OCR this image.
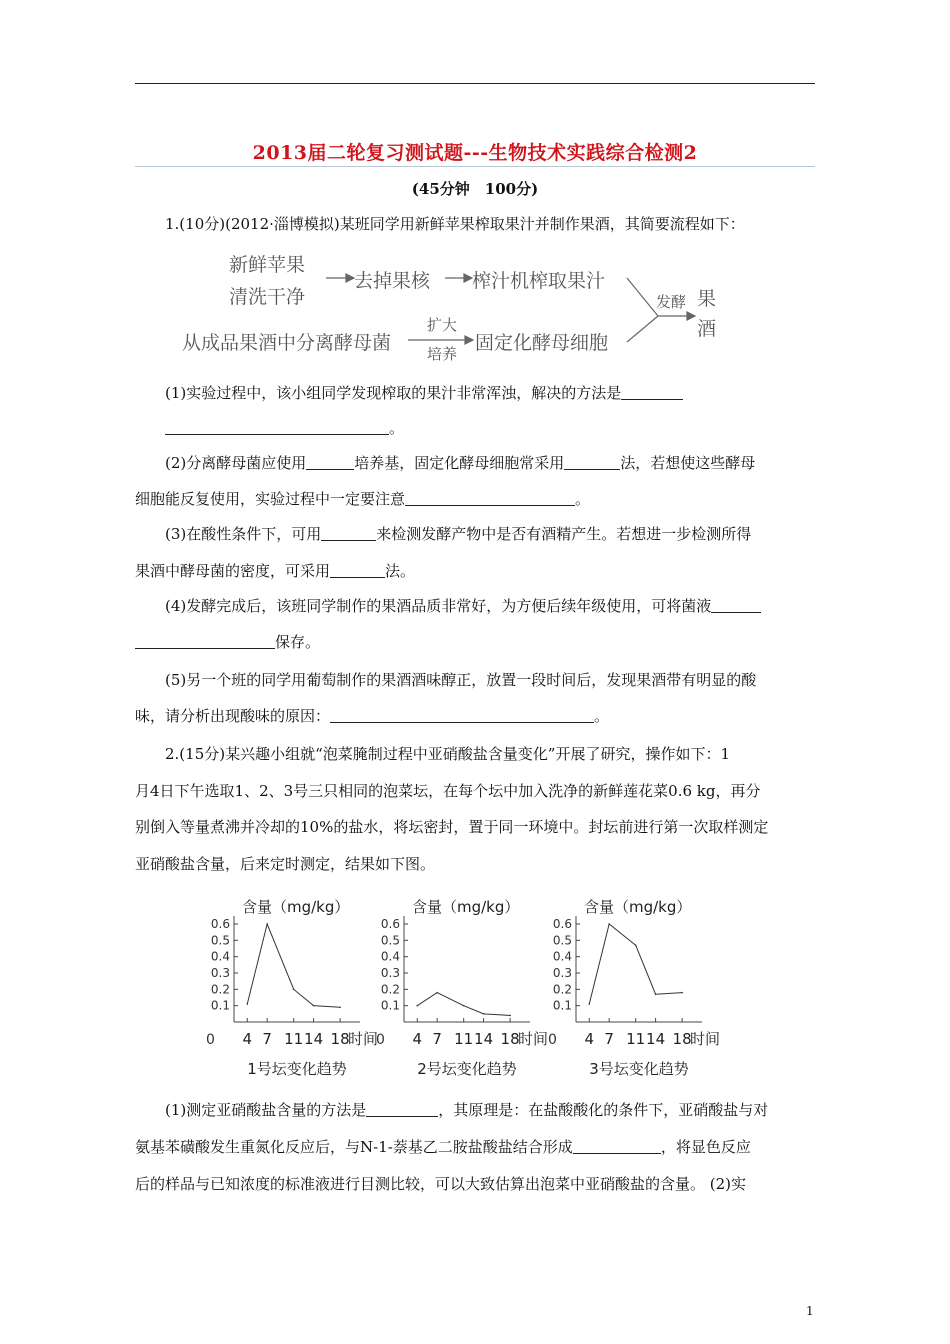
2013届二轮复习测试题---生物技术实践综合检测2
(45分钟　100分)
1.(10分)(2012·淄博模拟)某班同学用新鲜苹果榨取果汁并制作果酒，其简要流程如下：
新鲜苹果
清洗干净
去掉果核 榨汁机榨取果汁
从成品果酒中分离酵母菌
扩大
培养 固定化酵母细胞
发酵 果
酒
(1)实验过程中，该小组同学发现榨取的果汁非常浑浊，解决的方法是
。
(2)分离酵母菌应使用	培养基，固定化酵母细胞常采用	法，若想使这些酵母
细胞能反复使用，实验过程中一定要注意	。
(3)在酸性条件下，可用	来检测发酵产物中是否有酒精产生。若想进一步检测所得
果酒中酵母菌的密度，可采用	法。
(4)发酵完成后，该班同学制作的果酒品质非常好，为方便后续年级使用，可将菌液
保存。
(5)另一个班的同学用葡萄制作的果酒酒味醇正，放置一段时间后，发现果酒带有明显的酸
味，请分析出现酸味的原因：	。
2.(15分)某兴趣小组就“泡菜腌制过程中亚硝酸盐含量变化”开展了研究，操作如下：1
月4日下午选取1、2、3号三只相同的泡菜坛，在每个坛中加入洗净的新鲜莲花菜0.6 kg，再分
别倒入等量煮沸并冷却的10%的盐水，将坛密封，置于同一环境中。封坛前进行第一次取样测定
亚硝酸盐含量，后来定时测定，结果如下图。
含量（mg/kg）
0.1
0.2
0.3
0.4
0.5
0.6
0 4 7 11 14 18
时间
1号坛变化趋势
含量（mg/kg）
0.1
0.2
0.3
0.4
0.5
0.6
0 4 7 11 14 18
时间
2号坛变化趋势
含量（mg/kg）
0.1
0.2
0.3
0.4
0.5
0.6
0 4 7 11 14 18
时间
3号坛变化趋势
(1)测定亚硝酸盐含量的方法是	，其原理是：在盐酸酸化的条件下，亚硝酸盐与对
氨基苯磺酸发生重氮化反应后，与N-1-萘基乙二胺盐酸盐结合形成	，将显色反应
后的样品与已知浓度的标准液进行目测比较，可以大致估算出泡菜中亚硝酸盐的含量。 (2)实
1
